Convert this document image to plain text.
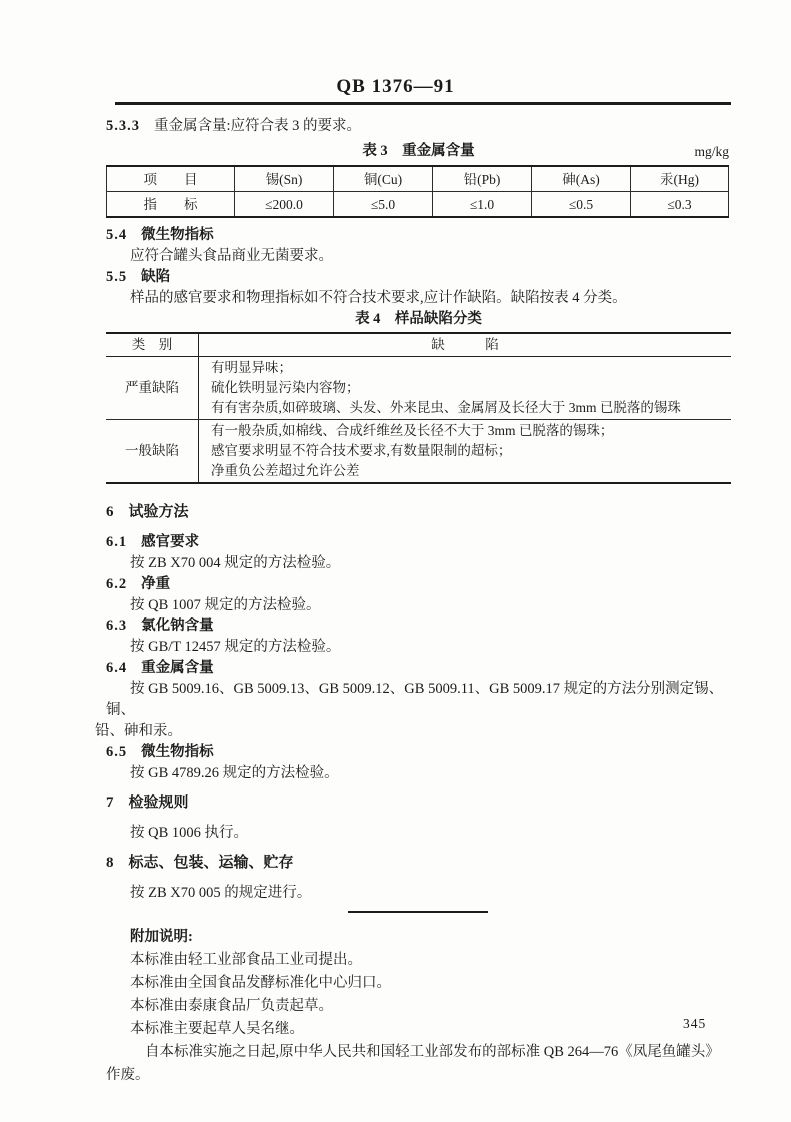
QB 1376—91

5.3.3 重金属含量:应符合表 3 的要求。

表 3　重金属含量	mg/kg
项　　目	锡(Sn)	铜(Cu)	铅(Pb)	砷(As)	汞(Hg)
指　　标	≤200.0	≤5.0	≤1.0	≤0.5	≤0.3

5.4 微生物指标

应符合罐头食品商业无菌要求。

5.5 缺陷

样品的感官要求和物理指标如不符合技术要求,应计作缺陷。缺陷按表 4 分类。

表 4　样品缺陷分类
类　别	缺　　　陷
严重缺陷	有明显异味；
硫化铁明显污染内容物；
有有害杂质,如碎玻璃、头发、外来昆虫、金属屑及长径大于 3mm 已脱落的锡珠

一般缺陷	有一般杂质,如棉线、合成纤维丝及长径不大于 3mm 已脱落的锡珠；
感官要求明显不符合技术要求,有数量限制的超标；
净重负公差超过允许公差

6 试验方法

6.1 感官要求

按 ZB X70 004 规定的方法检验。

6.2 净重

按 QB 1007 规定的方法检验。

6.3 氯化钠含量

按 GB/T 12457 规定的方法检验。

6.4 重金属含量

按 GB 5009.16、GB 5009.13、GB 5009.12、GB 5009.11、GB 5009.17 规定的方法分别测定锡、铜、

铅、砷和汞。

6.5 微生物指标

按 GB 4789.26 规定的方法检验。

7 检验规则

按 QB 1006 执行。

8 标志、包装、运输、贮存

按 ZB X70 005 的规定进行。

附加说明:
本标准由轻工业部食品工业司提出。
本标准由全国食品发酵标准化中心归口。
本标准由泰康食品厂负责起草。
本标准主要起草人吴名继。
自本标准实施之日起,原中华人民共和国轻工业部发布的部标准 QB 264—76《凤尾鱼罐头》作废。
345
